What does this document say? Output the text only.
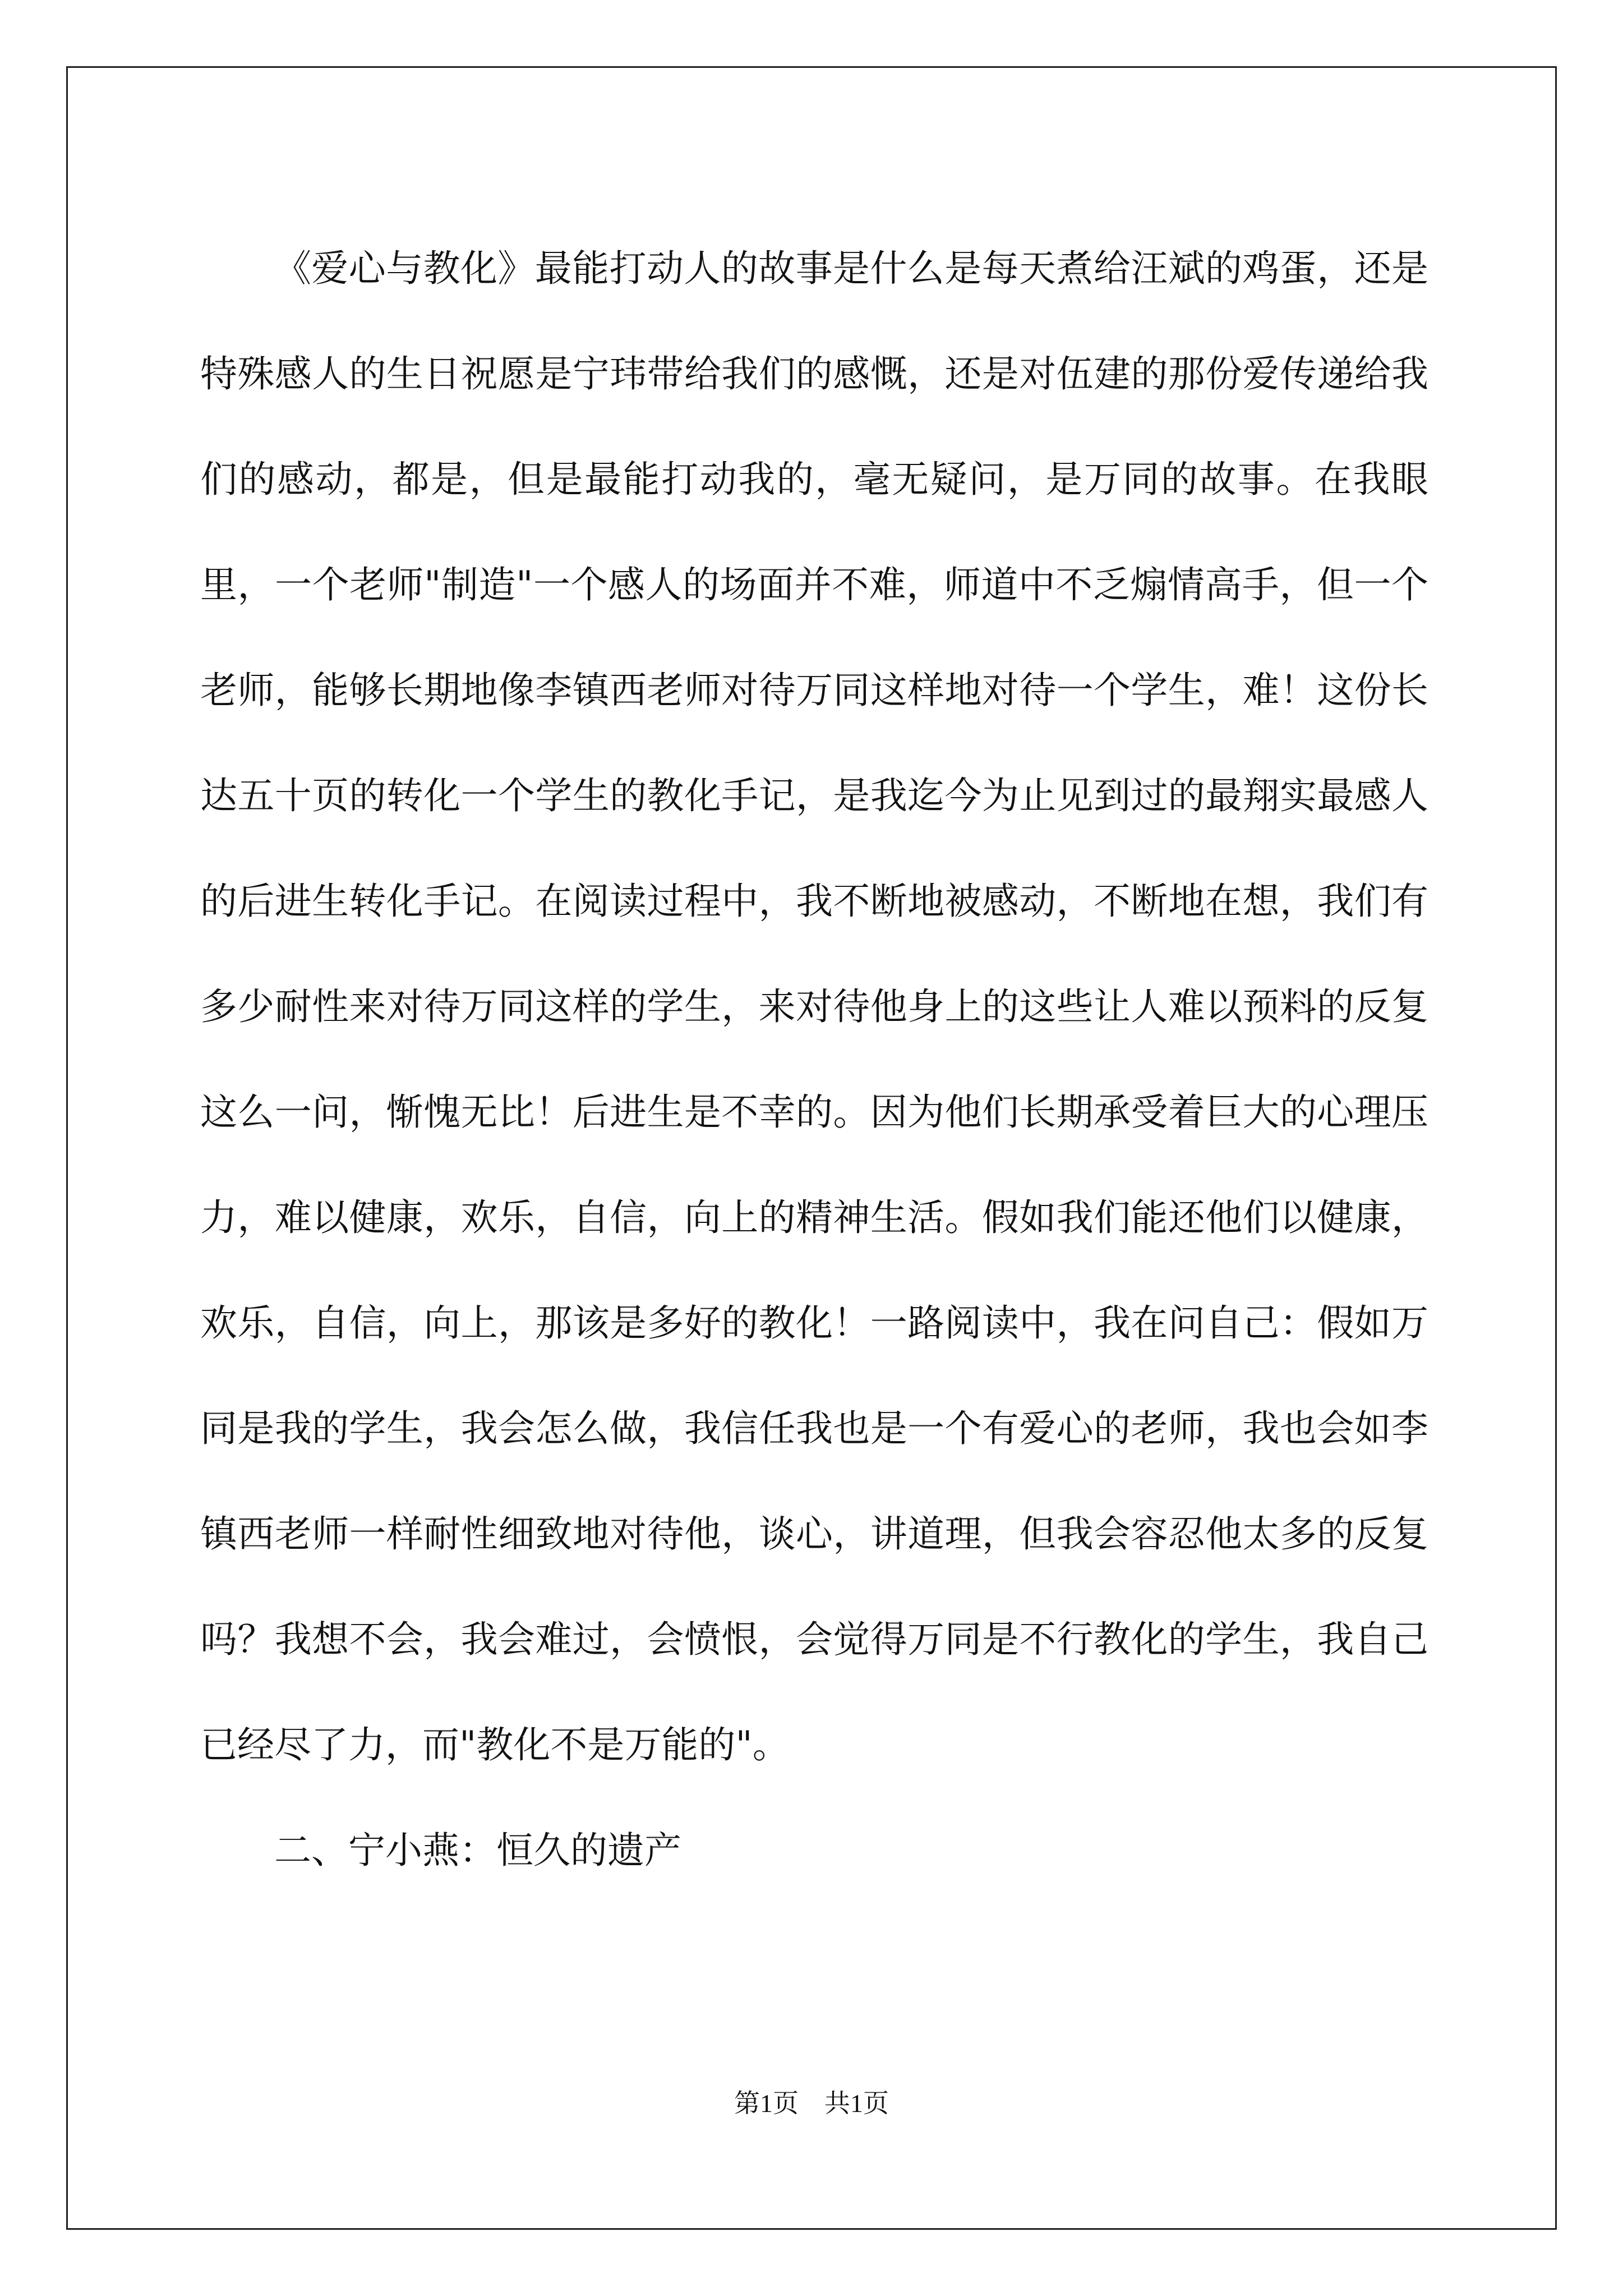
《爱心与教化》最能打动人的故事是什么是每天煮给汪斌的鸡蛋，还是特殊感人的生日祝愿是宁玮带给我们的感慨，还是对伍建的那份爱传递给我们的感动，都是，但是最能打动我的，毫无疑问，是万同的故事。在我眼里，一个老师"制造"一个感人的场面并不难，师道中不乏煽情高手，但一个老师，能够长期地像李镇西老师对待万同这样地对待一个学生，难！这份长达五十页的转化一个学生的教化手记，是我迄今为止见到过的最翔实最感人的后进生转化手记。在阅读过程中，我不断地被感动，不断地在想，我们有多少耐性来对待万同这样的学生，来对待他身上的这些让人难以预料的反复这么一问，惭愧无比！后进生是不幸的。因为他们长期承受着巨大的心理压力，难以健康，欢乐，自信，向上的精神生活。假如我们能还他们以健康，欢乐，自信，向上，那该是多好的教化！一路阅读中，我在问自己：假如万同是我的学生，我会怎么做，我信任我也是一个有爱心的老师，我也会如李镇西老师一样耐性细致地对待他，谈心，讲道理，但我会容忍他太多的反复吗？我想不会，我会难过，会愤恨，会觉得万同是不行教化的学生，我自己已经尽了力，而"教化不是万能的"。

二、宁小燕：恒久的遗产

第1页 共1页
